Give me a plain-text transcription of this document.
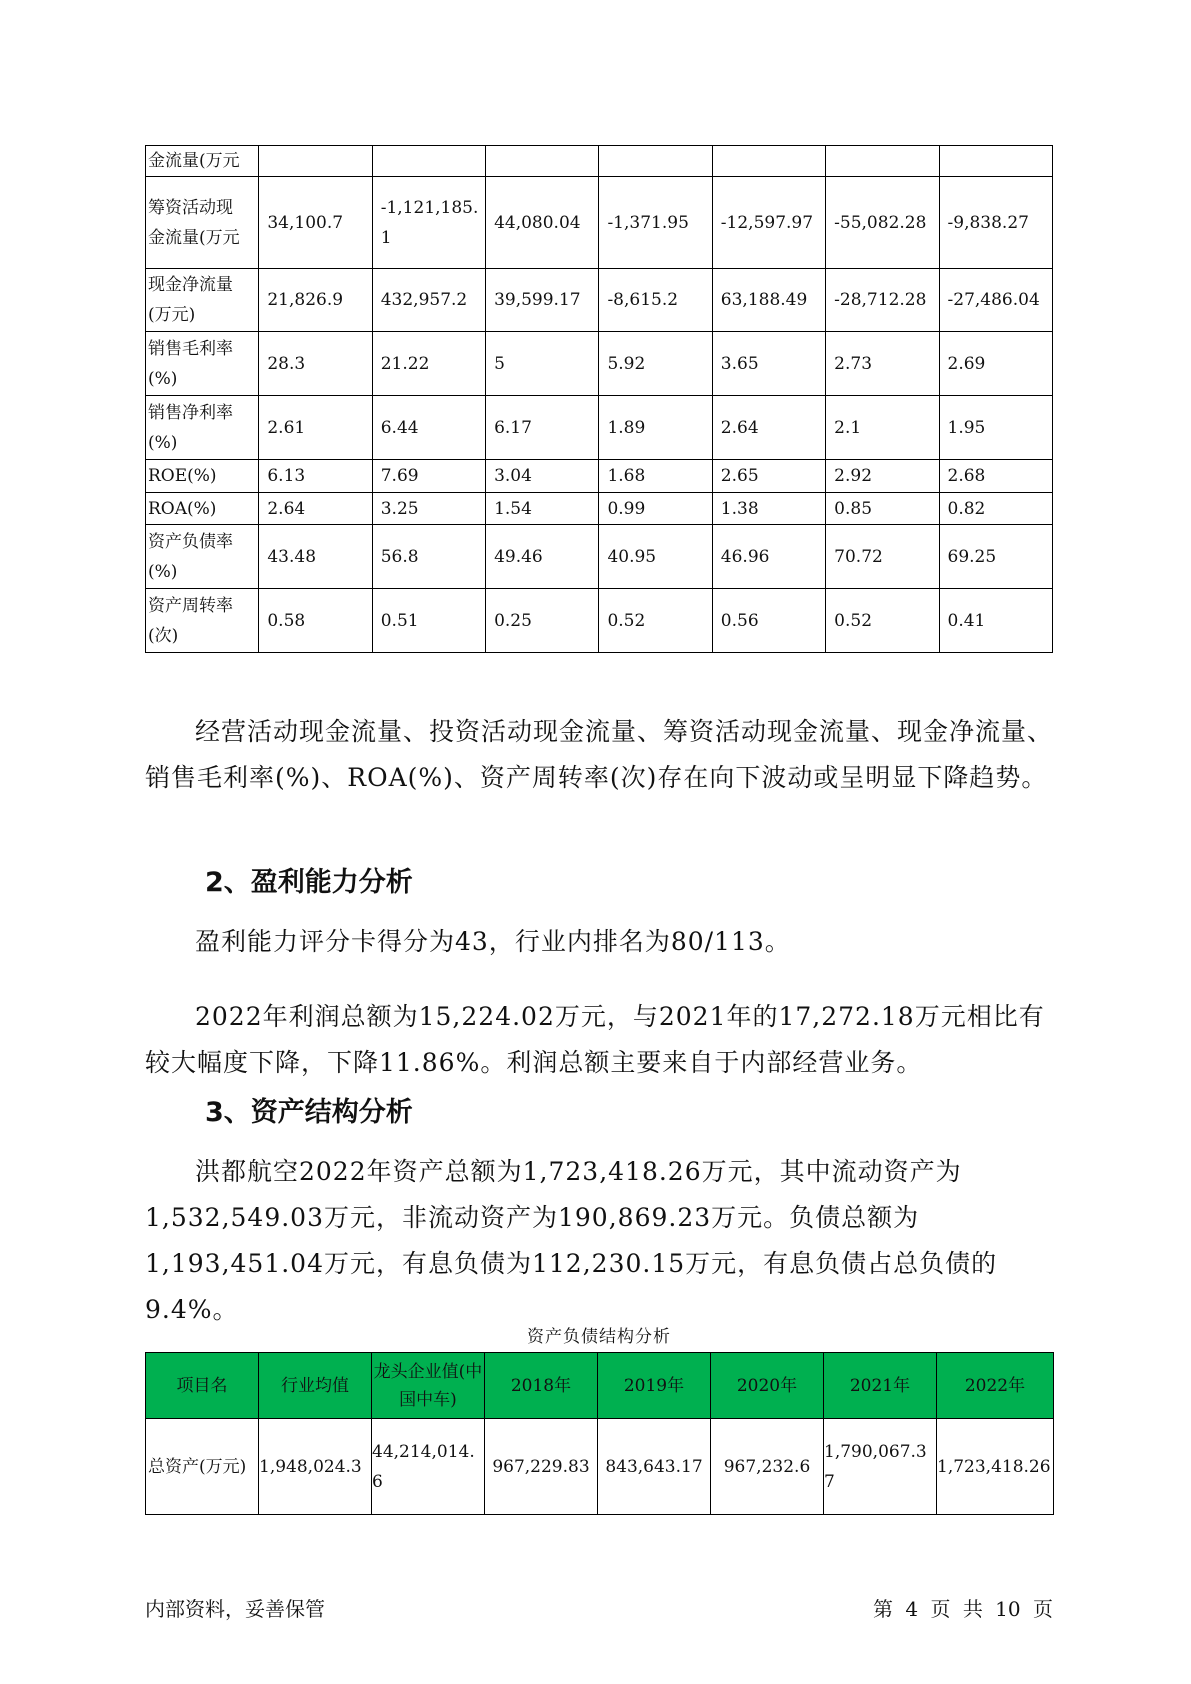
金流量(万元							

筹资活动现
金流量(万元	34,100.7	-1,121,185.1	44,080.04	-1,371.95	-12,597.97	-55,082.28	-9,838.27

现金净流量
(万元)	21,826.9	432,957.2	39,599.17	-8,615.2	63,188.49	-28,712.28	-27,486.04

销售毛利率
(%)	28.3	21.22	5	5.92	3.65	2.73	2.69

销售净利率
(%)	2.61	6.44	6.17	1.89	2.64	2.1	1.95

ROE(%)	6.13	7.69	3.04	1.68	2.65	2.92	2.68

ROA(%)	2.64	3.25	1.54	0.99	1.38	0.85	0.82

资产负债率
(%)	43.48	56.8	49.46	40.95	46.96	70.72	69.25

资产周转率
(次)	0.58	0.51	0.25	0.52	0.56	0.52	0.41

经营活动现金流量、投资活动现金流量、筹资活动现金流量、现金净流量、销售毛利率(%)、ROA(%)、资产周转率(次)存在向下波动或呈明显下降趋势。

2、盈利能力分析

盈利能力评分卡得分为43，行业内排名为80/113。

2022年利润总额为15,224.02万元，与2021年的17,272.18万元相比有较大幅度下降，下降11.86%。利润总额主要来自于内部经营业务。

3、资产结构分析

洪都航空2022年资产总额为1,723,418.26万元，其中流动资产为1,532,549.03万元，非流动资产为190,869.23万元。负债总额为1,193,451.04万元，有息负债为112,230.15万元，有息负债占总负债的9.4%。

资产负债结构分析
项目名	行业均值	龙头企业值(中国中车)	2018年	2019年	2020年	2021年	2022年
总资产(万元)	1,948,024.3	44,214,014.6	967,229.83	843,643.17	967,232.6	1,790,067.37	1,723,418.26
内部资料，妥善保管	第 4 页 共 10 页
